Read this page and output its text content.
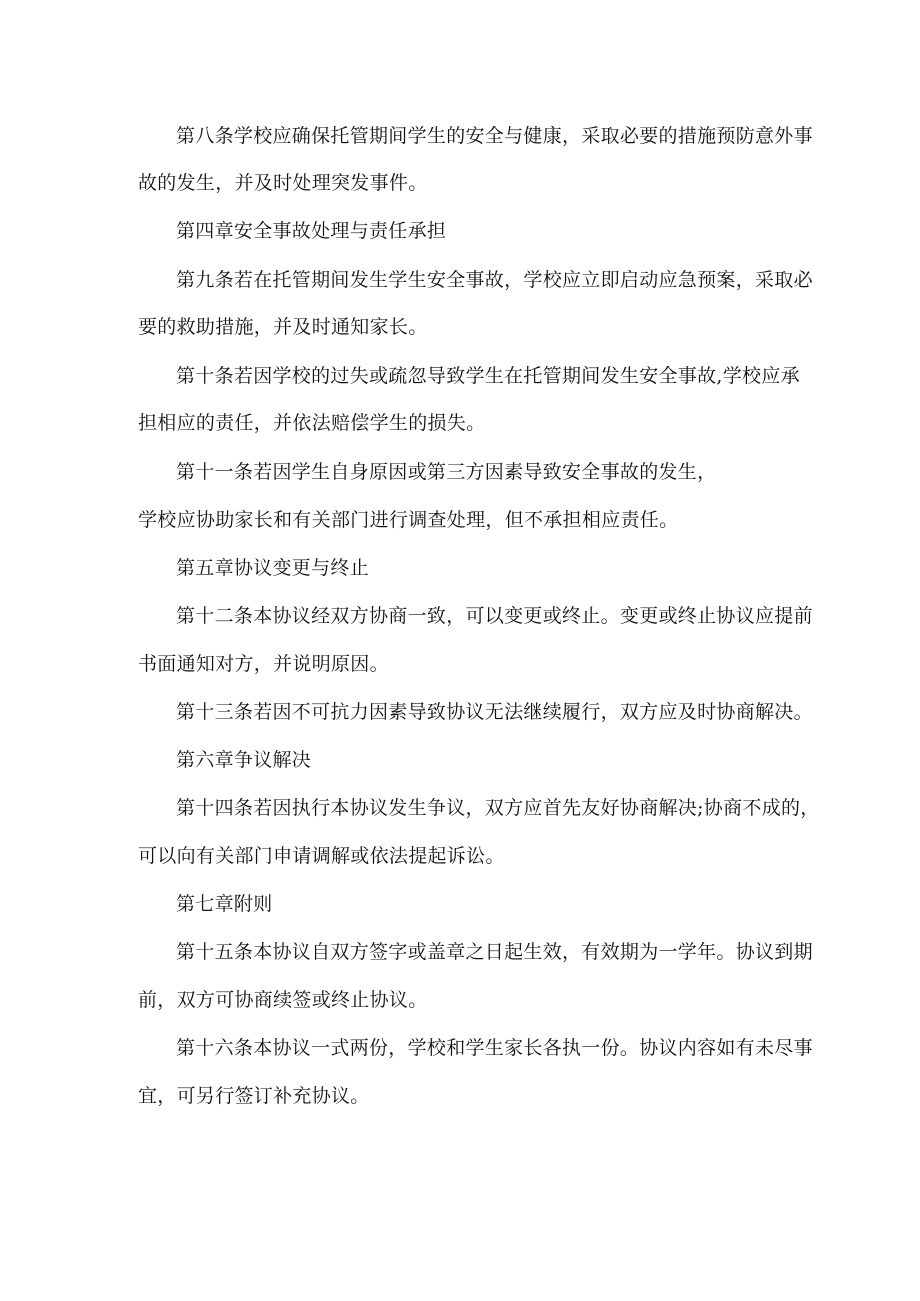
第八条学校应确保托管期间学生的安全与健康，采取必要的措施预防意外事
故的发生，并及时处理突发事件。
第四章安全事故处理与责任承担
第九条若在托管期间发生学生安全事故，学校应立即启动应急预案，采取必
要的救助措施，并及时通知家长。
第十条若因学校的过失或疏忽导致学生在托管期间发生安全事故,学校应承
担相应的责任，并依法赔偿学生的损失。
第十一条若因学生自身原因或第三方因素导致安全事故的发生，
学校应协助家长和有关部门进行调查处理，但不承担相应责任。
第五章协议变更与终止
第十二条本协议经双方协商一致，可以变更或终止。变更或终止协议应提前
书面通知对方，并说明原因。
第十三条若因不可抗力因素导致协议无法继续履行，双方应及时协商解决。
第六章争议解决
第十四条若因执行本协议发生争议，双方应首先友好协商解决;协商不成的，
可以向有关部门申请调解或依法提起诉讼。
第七章附则
第十五条本协议自双方签字或盖章之日起生效，有效期为一学年。协议到期
前，双方可协商续签或终止协议。
第十六条本协议一式两份，学校和学生家长各执一份。协议内容如有未尽事
宜，可另行签订补充协议。
